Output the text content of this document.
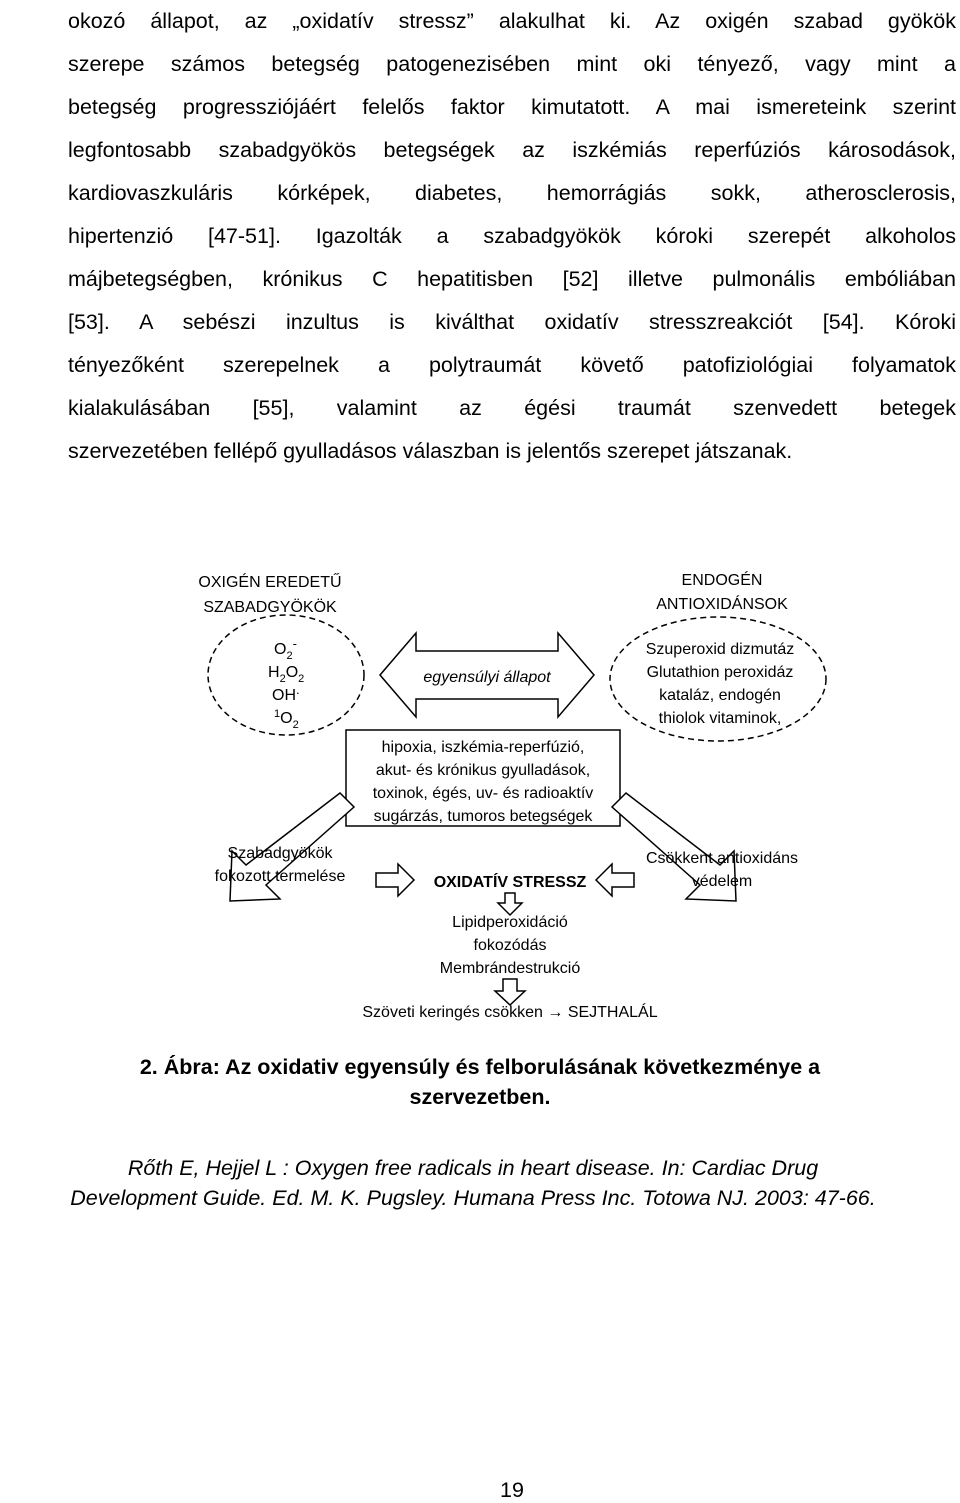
okozó állapot, az „oxidatív stressz” alakulhat ki. Az oxigén szabad gyökök
szerepe számos betegség patogenezisében mint oki tényező, vagy mint a
betegség progressziójáért felelős faktor kimutatott. A mai ismereteink szerint
legfontosabb szabadgyökös betegségek az iszkémiás reperfúziós károsodások,
kardiovaszkuláris kórképek, diabetes, hemorrágiás sokk, atherosclerosis,
hipertenzió [47-51]. Igazolták a szabadgyökök kóroki szerepét alkoholos
májbetegségben, krónikus C hepatitisben [52] illetve pulmonális embóliában
[53]. A sebészi inzultus is kiválthat oxidatív stresszreakciót [54]. Kóroki
tényezőként szerepelnek a polytraumát követő patofiziológiai folyamatok
kialakulásában [55], valamint az égési traumát szenvedett betegek
szervezetében fellépő gyulladásos válaszban is jelentős szerepet játszanak.
OXIGÉN EREDETŰ
SZABADGYÖKÖK
ENDOGÉN
ANTIOXIDÁNSOK
$O_2^-$
$H_2O_2$
OH.
$^1O_2$
egyensúlyi állapot
Szuperoxid dizmutáz
Glutathion peroxidáz
kataláz, endogén
thiolok vitaminok,
hipoxia, iszkémia-reperfúzió,
akut- és krónikus gyulladások,
toxinok, égés, uv- és radioaktív
sugárzás, tumoros betegségek
Szabadgyökök
fokozott termelése
Csökkent antioxidáns
védelem
OXIDATÍV STRESSZ
Lipidperoxidáció
fokozódás
Membrándestrukció
Szöveti keringés csökken → SEJTHALÁL
2. Ábra: Az oxidativ egyensúly és felborulásának következménye a
szervezetben.
Rőth E, Hejjel L : Oxygen free radicals in heart disease. In: Cardiac Drug
Development Guide. Ed. M. K. Pugsley. Humana Press Inc. Totowa NJ. 2003: 47-66.
19
